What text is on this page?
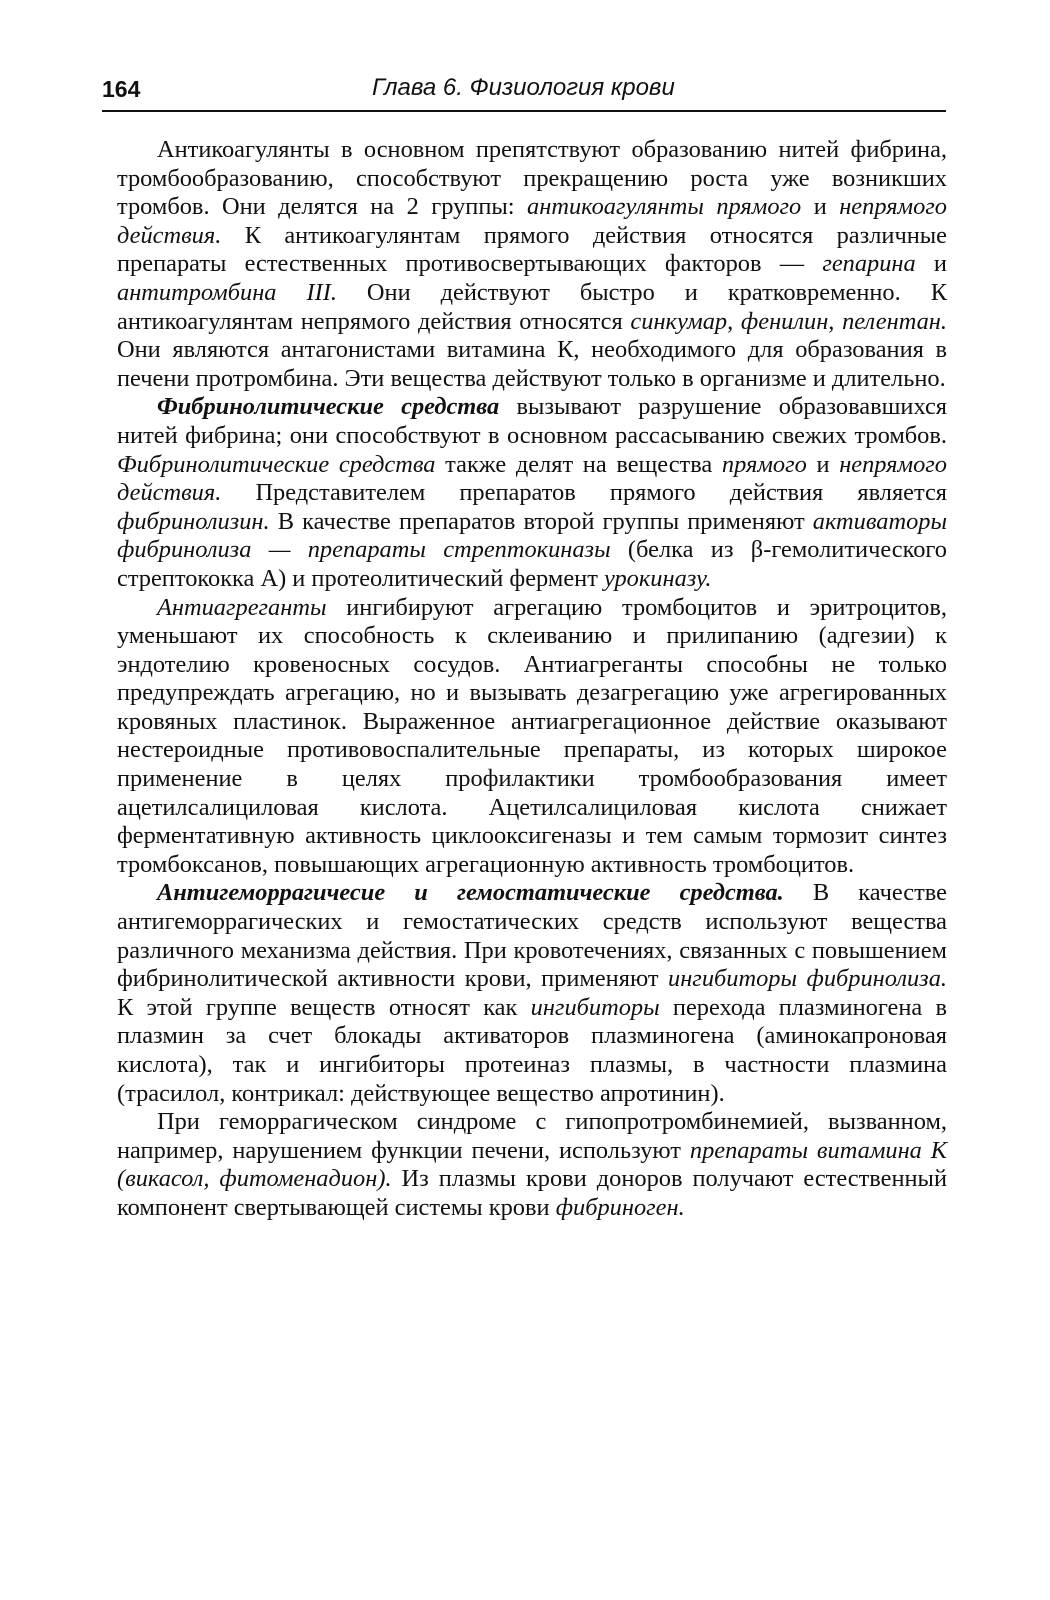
164	Глава 6. Физиология крови

Антикоагулянты в основном препятствуют образованию нитей фибрина, тромбообразованию, способствуют прекращению роста уже возникших тромбов. Они делятся на 2 группы: антикоагулянты прямого и непрямого действия. К антикоагулянтам прямого действия относятся различные препараты естественных противосвертывающих факторов — гепарина и антитромбина III. Они действуют быстро и кратковременно. К антикоагулянтам непрямого действия относятся синкумар, фенилин, пелентан. Они являются антагонистами витамина К, необходимого для образования в печени протромбина. Эти вещества действуют только в организме и длительно.

Фибринолитические средства вызывают разрушение образовавшихся нитей фибрина; они способствуют в основном рассасыванию свежих тромбов. Фибринолитические средства также делят на вещества прямого и непрямого действия. Представителем препаратов прямого действия является фибринолизин. В качестве препаратов второй группы применяют активаторы фибринолиза — препараты стрептокиназы (белка из β-гемолитического стрептококка А) и протеолитический фермент урокиназу.

Антиагреганты ингибируют агрегацию тромбоцитов и эритроцитов, уменьшают их способность к склеиванию и прилипанию (адгезии) к эндотелию кровеносных сосудов. Антиагреганты способны не только предупреждать агрегацию, но и вызывать дезагрегацию уже агрегированных кровяных пластинок. Выраженное антиагрегационное действие оказывают нестероидные противовоспалительные препараты, из которых широкое применение в целях профилактики тромбообразования имеет ацетилсалициловая кислота. Ацетилсалициловая кислота снижает ферментативную активность циклооксигеназы и тем самым тормозит синтез тромбоксанов, повышающих агрегационную активность тромбоцитов.

Антигеморрагичесие и гемостатические средства. В качестве антигеморрагических и гемостатических средств используют вещества различного механизма действия. При кровотечениях, связанных с повышением фибринолитической активности крови, применяют ингибиторы фибринолиза. К этой группе веществ относят как ингибиторы перехода плазминогена в плазмин за счет блокады активаторов плазминогена (аминокапроновая кислота), так и ингибиторы протеиназ плазмы, в частности плазмина (трасилол, контрикал: действующее вещество апротинин).

При геморрагическом синдроме с гипопротромбинемией, вызванном, например, нарушением функции печени, используют препараты витамина К (викасол, фитоменадион). Из плазмы крови доноров получают естественный компонент свертывающей системы крови фибриноген.
